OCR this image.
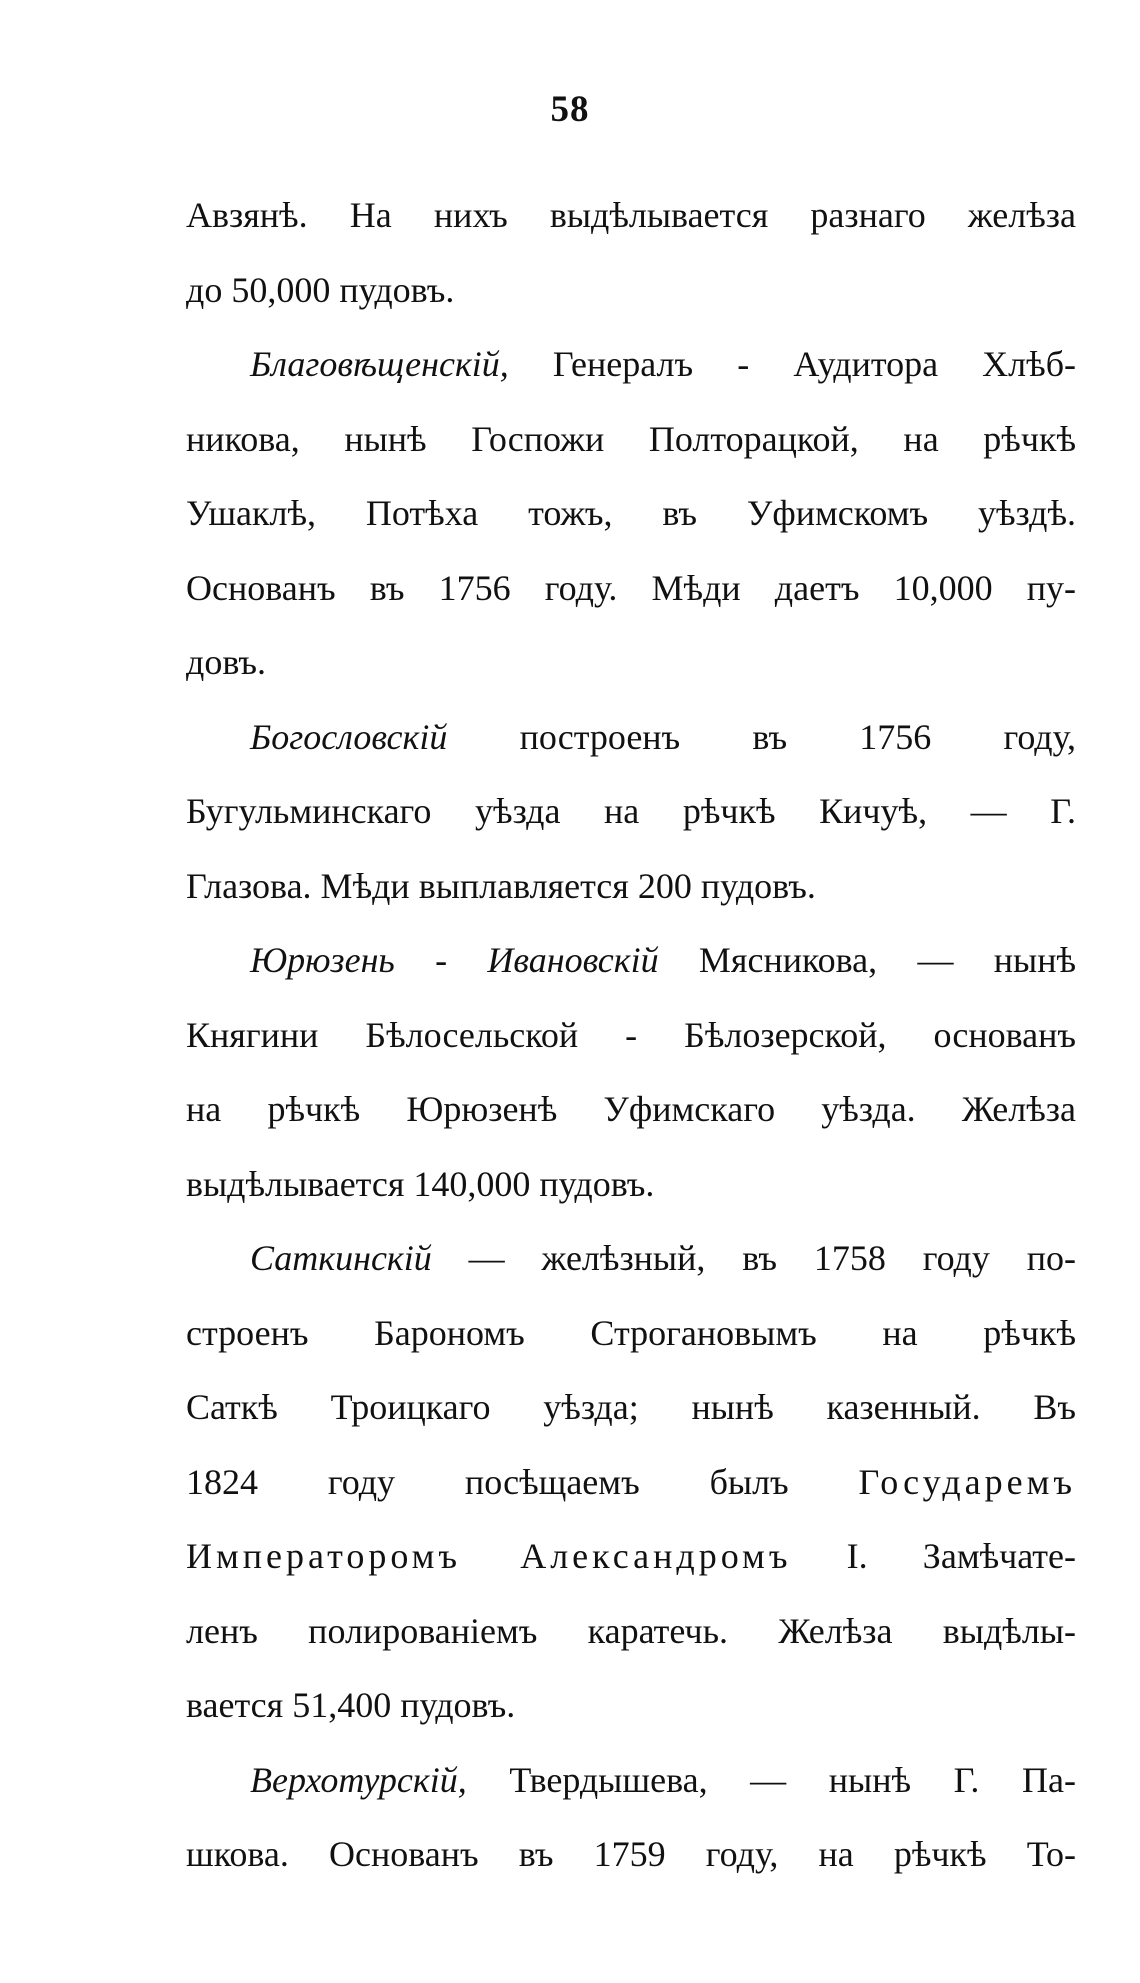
58
Авзянѣ. На нихъ выдѣлывается разнаго желѣза
до 50,000 пудовъ.
Благовѣщенскій, Генералъ - Аудитора Хлѣб-
никова, нынѣ Госпожи Полторацкой, на рѣчкѣ
Ушаклѣ, Потѣха тожъ, въ Уфимскомъ уѣздѣ.
Основанъ въ 1756 году. Мѣди даетъ 10,000 пу-
довъ.
Богословскій построенъ въ 1756 году,
Бугульминскаго уѣзда на рѣчкѣ Кичуѣ, — Г.
Глазова. Мѣди выплавляется 200 пудовъ.
Юрюзень - Ивановскій Мясникова, — нынѣ
Княгини Бѣлосельской - Бѣлозерской, основанъ
на рѣчкѣ Юрюзенѣ Уфимскаго уѣзда. Желѣза
выдѣлывается 140,000 пудовъ.
Саткинскій — желѣзный, въ 1758 году по-
строенъ Барономъ Строгановымъ на рѣчкѣ
Саткѣ Троицкаго уѣзда; нынѣ казенный. Въ
1824 году посѣщаемъ былъ Государемъ
Императоромъ Александромъ I. Замѣчате-
ленъ полированіемъ каратечь. Желѣза выдѣлы-
вается 51,400 пудовъ.
Верхотурскій, Твердышева, — нынѣ Г. Па-
шкова. Основанъ въ 1759 году, на рѣчкѣ То-
